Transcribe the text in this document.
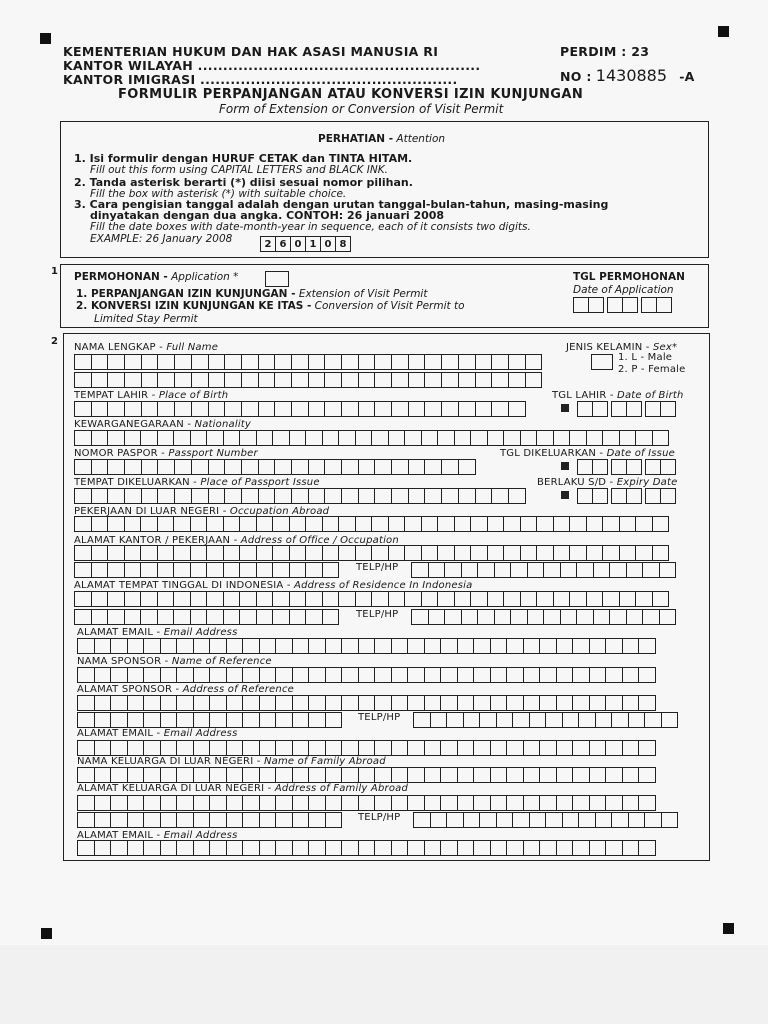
KEMENTERIAN HUKUM DAN HAK ASASI MANUSIA RI
KANTOR WILAYAH ........................................................
KANTOR IMIGRASI ...................................................
PERDIM : 23
NO : 1430885 -A
FORMULIR PERPANJANGAN ATAU KONVERSI IZIN KUNJUNGAN
Form of Extension or Conversion of Visit Permit
PERHATIAN - Attention
1. Isi formulir dengan HURUF CETAK dan TINTA HITAM.
Fill out this form using CAPITAL LETTERS and BLACK INK.
2. Tanda asterisk berarti (*) diisi sesuai nomor pilihan.
Fill the box with asterisk (*) with suitable choice.
3. Cara pengisian tanggal adalah dengan urutan tanggal-bulan-tahun, masing-masing
dinyatakan dengan dua angka. CONTOH: 26 januari 2008
Fill the date boxes with date-month-year in sequence, each of it consists two digits.
EXAMPLE: 26 January 2008	2 6 0 1 0 8
1 PERMOHONAN - Application *
1. PERPANJANGAN IZIN KUNJUNGAN - Extension of Visit Permit
2. KONVERSI IZIN KUNJUNGAN KE ITAS - Conversion of Visit Permit to
Limited Stay Permit
TGL PERMOHONAN
Date of Application
2
NAMA LENGKAP - Full Name	JENIS KELAMIN - Sex*
1. L - Male
2. P - Female
TEMPAT LAHIR - Place of Birth	TGL LAHIR - Date of Birth
KEWARGANEGARAAN - Nationality
NOMOR PASPOR - Passport Number	TGL DIKELUARKAN - Date of Issue
TEMPAT DIKELUARKAN - Place of Passport Issue	BERLAKU S/D - Expiry Date
PEKERJAAN DI LUAR NEGERI - Occupation Abroad
ALAMAT KANTOR / PEKERJAAN - Address of Office / Occupation
TELP/HP
ALAMAT TEMPAT TINGGAL DI INDONESIA - Address of Residence In Indonesia
TELP/HP
ALAMAT EMAIL - Email Address
NAMA SPONSOR - Name of Reference
ALAMAT SPONSOR - Address of Reference
TELP/HP
ALAMAT EMAIL - Email Address
NAMA KELUARGA DI LUAR NEGERI - Name of Family Abroad
ALAMAT KELUARGA DI LUAR NEGERI - Address of Family Abroad
TELP/HP
ALAMAT EMAIL - Email Address
